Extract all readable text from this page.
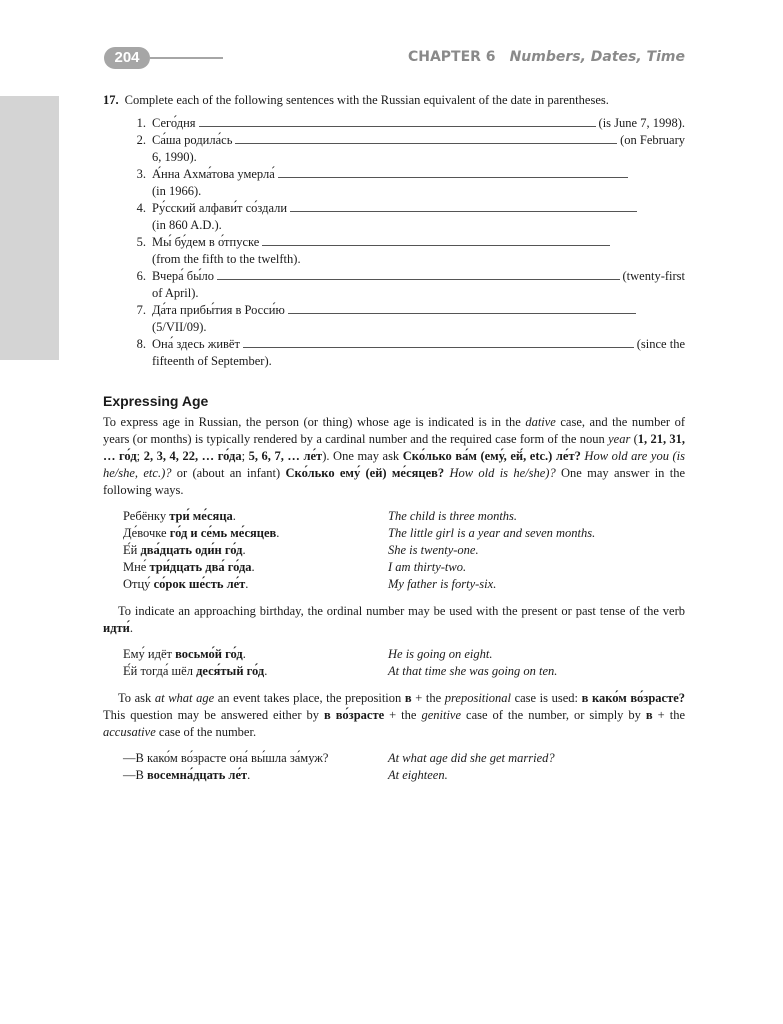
204	CHAPTER 6 Numbers, Dates, Time

17. Complete each of the following sentences with the Russian equivalent of the date in parentheses.

1. Сего́дня	(is June 7, 1998).
2. Са́ша родила́сь	(on February
6, 1990).
3. А́нна Ахма́това умерла́
(in 1966).
4. Ру́сский алфави́т со́здали
(in 860 A.D.).
5. Мы́ бу́дем в о́тпуске
(from the fifth to the twelfth).
6. Вчера́ бы́ло	(twenty-first
of April).
7. Да́та прибы́тия в Росси́ю
(5/VII/09).
8. Она́ здесь живёт	(since the
fifteenth of September).
Expressing Age

To express age in Russian, the person (or thing) whose age is indicated is in the dative case, and the number of years (or months) is typically rendered by a cardinal number and the required case form of the noun year (1, 21, 31, … го́д; 2, 3, 4, 22, … го́да; 5, 6, 7, … ле́т). One may ask Ско́лько ва́м (ему́, ей́, etc.) ле́т? How old are you (is he/she, etc.)? or (about an infant) Ско́лько ему́ (ей) ме́сяцев? How old is he/she)? One may answer in the following ways.

Ребёнку три́ ме́сяца.	The child is three months.
Де́вочке го́д и се́мь ме́сяцев.	The little girl is a year and seven months.
Е́й два́дцать оди́н го́д.	She is twenty-one.
Мне́ три́дцать два́ го́да.	I am thirty-two.
Отцу́ со́рок ше́сть ле́т.	My father is forty-six.

To indicate an approaching birthday, the ordinal number may be used with the present or past tense of the verb идти́.

Ему́ идёт восьмо́й го́д.	He is going on eight.
Е́й тогда́ шёл деся́тый го́д.	At that time she was going on ten.

To ask at what age an event takes place, the preposition в + the prepositional case is used: в како́м во́зрасте? This question may be answered either by в во́зрасте + the genitive case of the number, or simply by в + the accusative case of the number.

—В како́м во́зрасте она́ вы́шла за́муж?	At what age did she get married?
—В восемна́дцать ле́т.	At eighteen.
